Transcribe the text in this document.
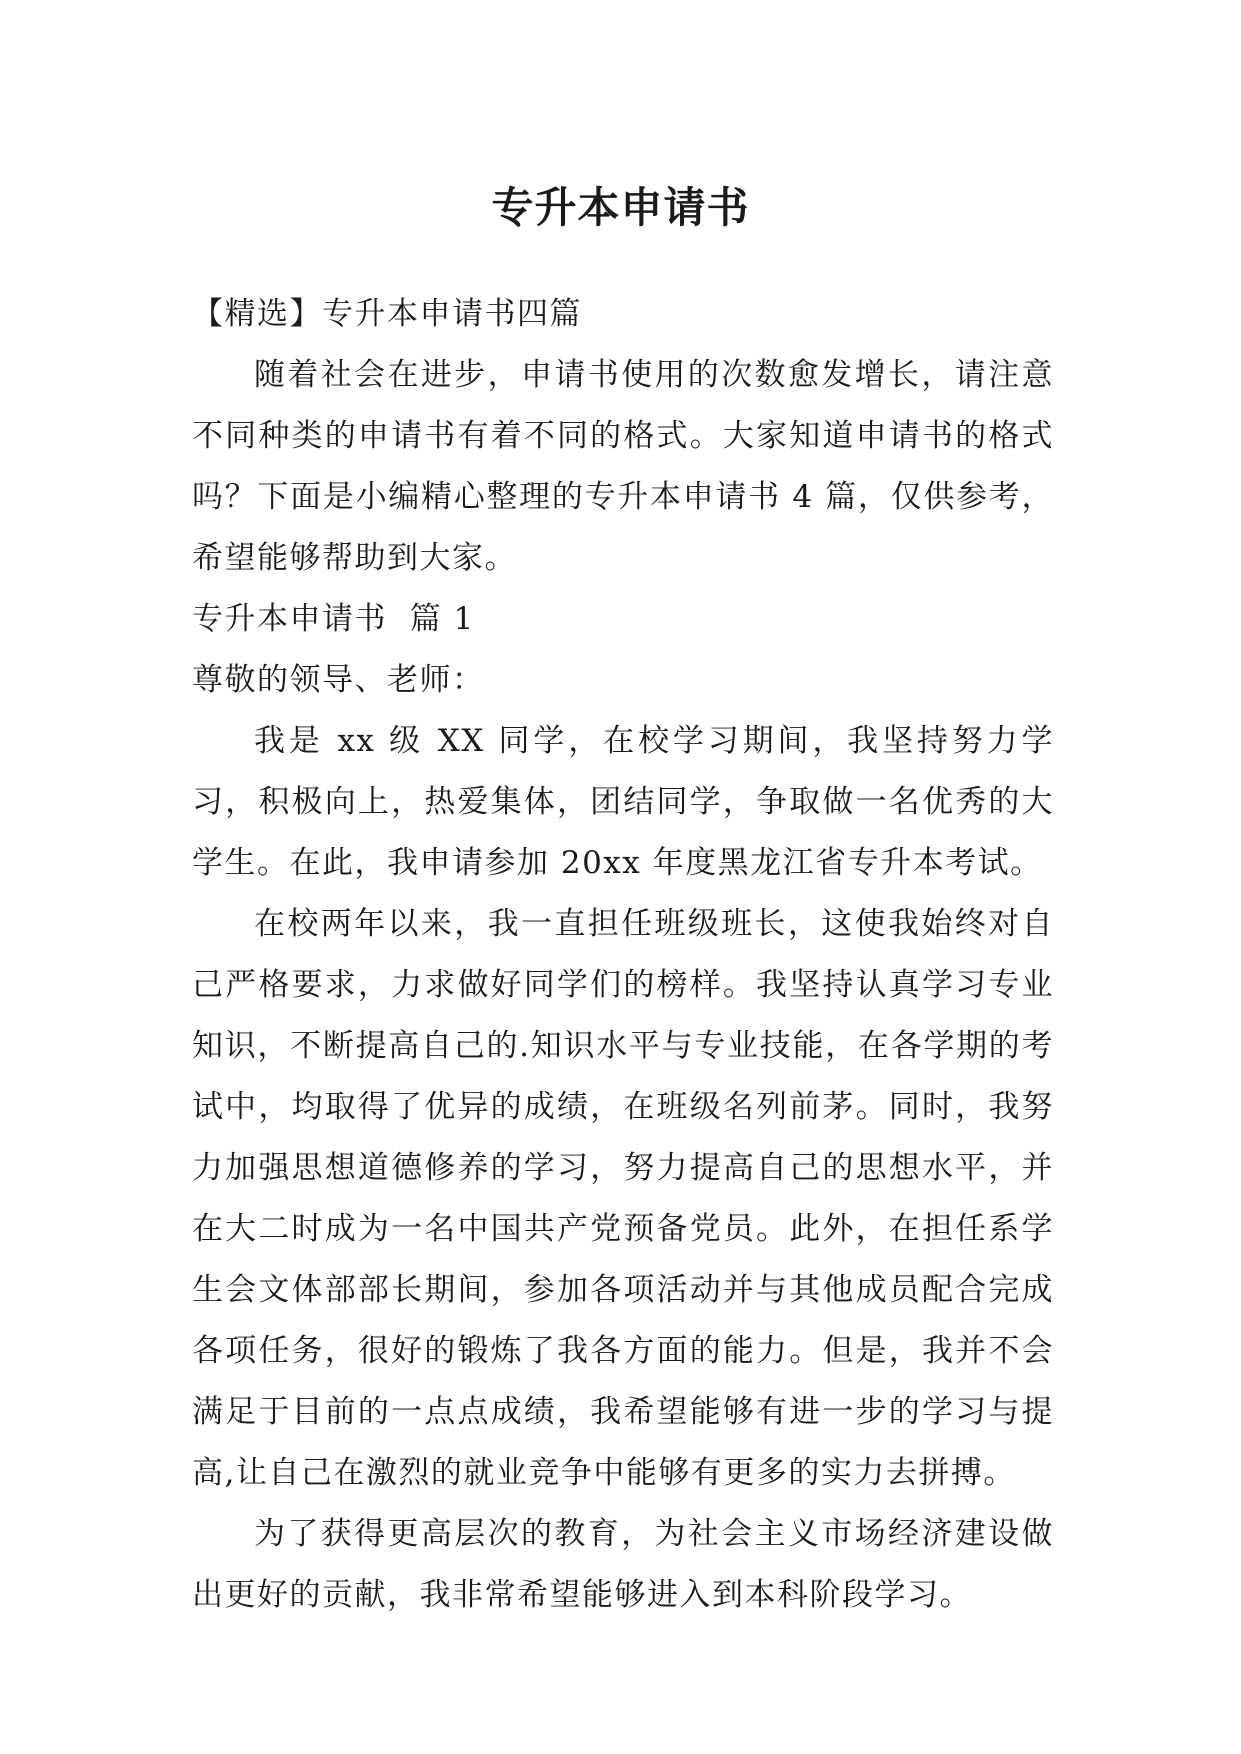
专升本申请书

【精选】专升本申请书四篇

随着社会在进步，申请书使用的次数愈发增长，请注意不同种类的申请书有着不同的格式。大家知道申请书的格式吗？下面是小编精心整理的专升本申请书 4 篇，仅供参考，希望能够帮助到大家。

专升本申请书  篇 1

尊敬的领导、老师：

我是 xx 级 XX 同学，在校学习期间，我坚持努力学习，积极向上，热爱集体，团结同学，争取做一名优秀的大学生。在此，我申请参加 20xx 年度黑龙江省专升本考试。

在校两年以来，我一直担任班级班长，这使我始终对自己严格要求，力求做好同学们的榜样。我坚持认真学习专业知识，不断提高自己的.知识水平与专业技能，在各学期的考试中，均取得了优异的成绩，在班级名列前茅。同时，我努力加强思想道德修养的学习，努力提高自己的思想水平，并在大二时成为一名中国共产党预备党员。此外，在担任系学生会文体部部长期间，参加各项活动并与其他成员配合完成各项任务，很好的锻炼了我各方面的能力。但是，我并不会满足于目前的一点点成绩，我希望能够有进一步的学习与提高,让自己在激烈的就业竞争中能够有更多的实力去拼搏。

为了获得更高层次的教育，为社会主义市场经济建设做出更好的贡献，我非常希望能够进入到本科阶段学习。
